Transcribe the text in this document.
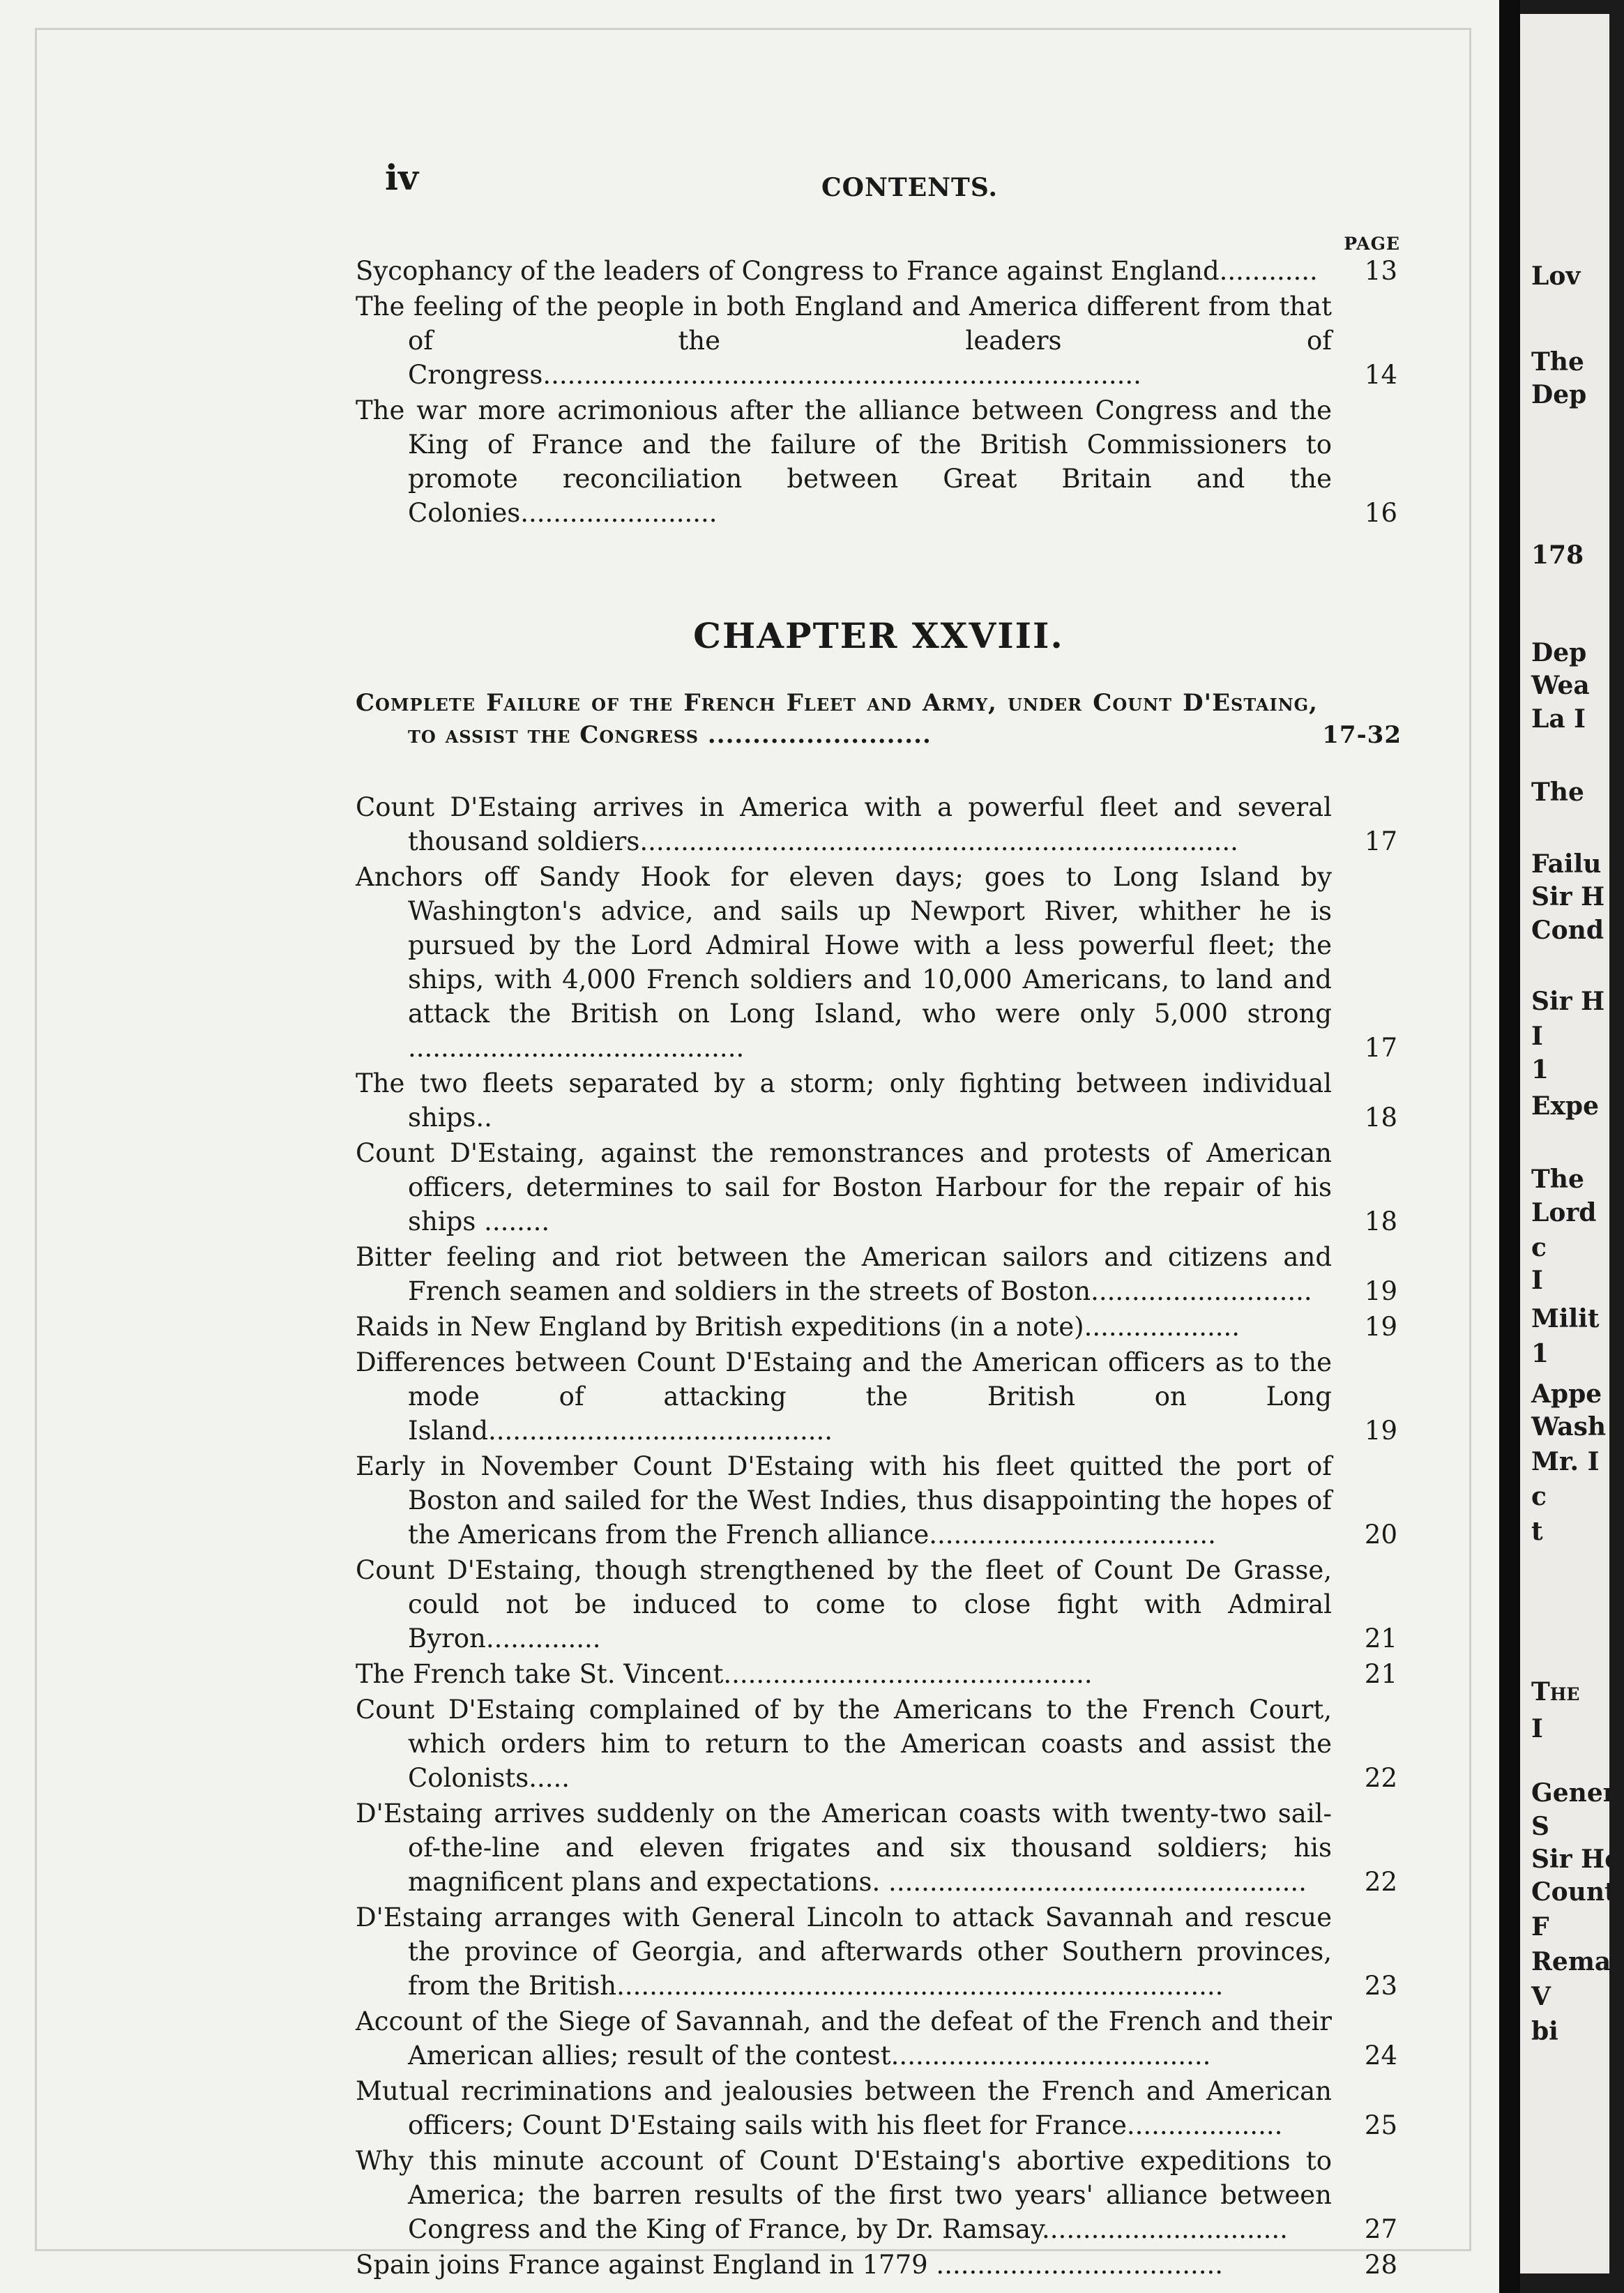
iv	CONTENTS.
PAGE
Sycophancy of the leaders of Congress to France against England............	13
The feeling of the people in both England and America different from that of the leaders of Crongress.........................................................................	14
The war more acrimonious after the alliance between Congress and the King of France and the failure of the British Commissioners to promote reconciliation between Great Britain and the Colonies........................	16
CHAPTER XXVIII.
Complete Failure of the French Fleet and Army, under Count D'Estaing, to assist the Congress .........................	17-32
Count D'Estaing arrives in America with a powerful fleet and several thousand soldiers.........................................................................	17
Anchors off Sandy Hook for eleven days; goes to Long Island by Washington's advice, and sails up Newport River, whither he is pursued by the Lord Admiral Howe with a less powerful fleet; the ships, with 4,000 French soldiers and 10,000 Americans, to land and attack the British on Long Island, who were only 5,000 strong .........................................	17
The two fleets separated by a storm; only fighting between individual ships..	18
Count D'Estaing, against the remonstrances and protests of American officers, determines to sail for Boston Harbour for the repair of his ships ........	18
Bitter feeling and riot between the American sailors and citizens and French seamen and soldiers in the streets of Boston...........................	19
Raids in New England by British expeditions (in a note)...................	19
Differences between Count D'Estaing and the American officers as to the mode of attacking the British on Long Island..........................................	19
Early in November Count D'Estaing with his fleet quitted the port of Boston and sailed for the West Indies, thus disappointing the hopes of the Americans from the French alliance...................................	20
Count D'Estaing, though strengthened by the fleet of Count De Grasse, could not be induced to come to close fight with Admiral Byron..............	21
The French take St. Vincent.............................................	21
Count D'Estaing complained of by the Americans to the French Court, which orders him to return to the American coasts and assist the Colonists.....	22
D'Estaing arrives suddenly on the American coasts with twenty-two sail-of-the-line and eleven frigates and six thousand soldiers; his magnificent plans and expectations. ...................................................	22
D'Estaing arranges with General Lincoln to attack Savannah and rescue the province of Georgia, and afterwards other Southern provinces, from the British..........................................................................	23
Account of the Siege of Savannah, and the defeat of the French and their American allies; result of the contest.......................................	24
Mutual recriminations and jealousies between the French and American officers; Count D'Estaing sails with his fleet for France...................	25
Why this minute account of Count D'Estaing's abortive expeditions to America; the barren results of the first two years' alliance between Congress and the King of France, by Dr. Ramsay..............................	27
Spain joins France against England in 1779 ...................................	28
Lov
The
Dep
178
Dep
Wea
La I
The
Failu
Sir H
Cond
Sir H
I
1
Expe
The
Lord
c
I
Milit
1
Appe
Wash
Mr. I
c
t
The
I
Gener
S
Sir He
Count
F
Remar
V
bi
